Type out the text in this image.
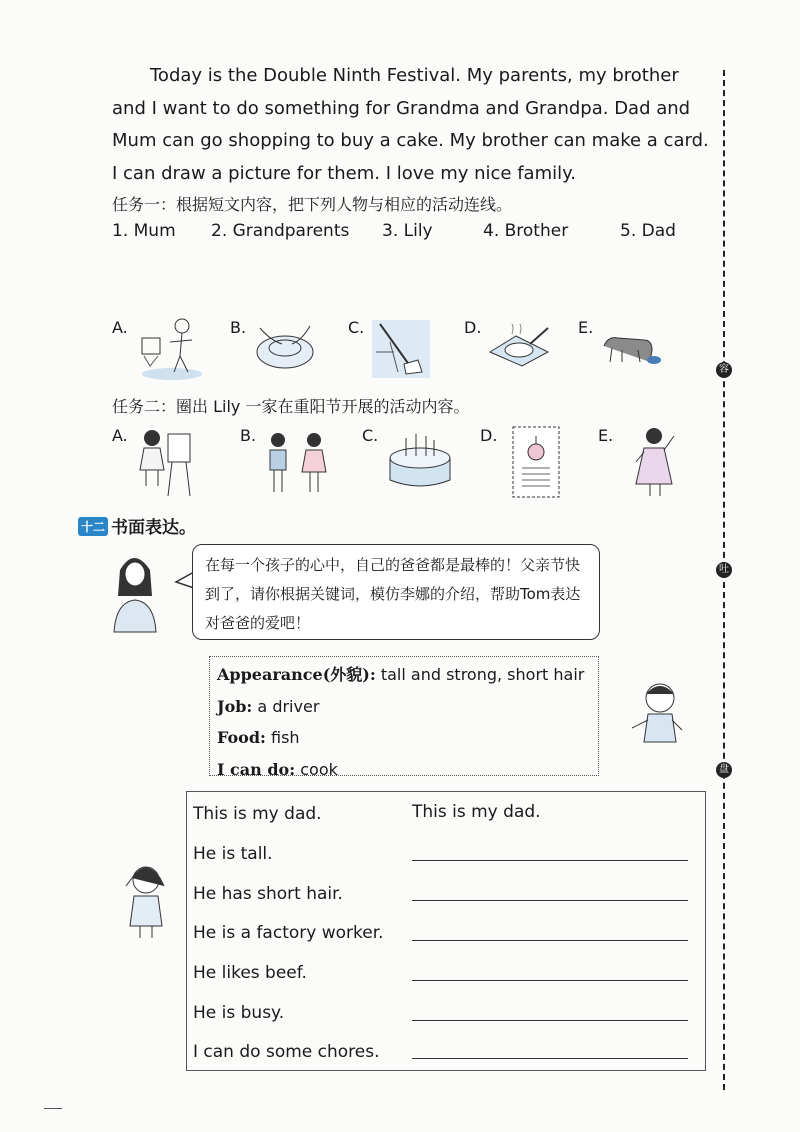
Today is the Double Ninth Festival. My parents, my brother and I want to do something for Grandma and Grandpa. Dad and Mum can go shopping to buy a cake. My brother can make a card. I can draw a picture for them. I love my nice family.

任务一：根据短文内容，把下列人物与相应的活动连线。
1. Mum 2. Grandparents 3. Lily	4. Brother	5. Dad
A.	B.	C.	D.	E.
任务二：圈出 Lily 一家在重阳节开展的活动内容。
A.	B.	C.	D.	E.
十二 书面表达。
在每一个孩子的心中，自己的爸爸都是最棒的！父亲节快到了，请你根据关键词，模仿李娜的介绍，帮助Tom表达对爸爸的爱吧！
Appearance(外貌): tall and strong, short hair
Job: a driver
Food: fish
I can do: cook
This is my dad.
He is tall.
He has short hair.
He is a factory worker.
He likes beef.
He is busy.
I can do some chores.
This is my dad.
容
吐
盘
